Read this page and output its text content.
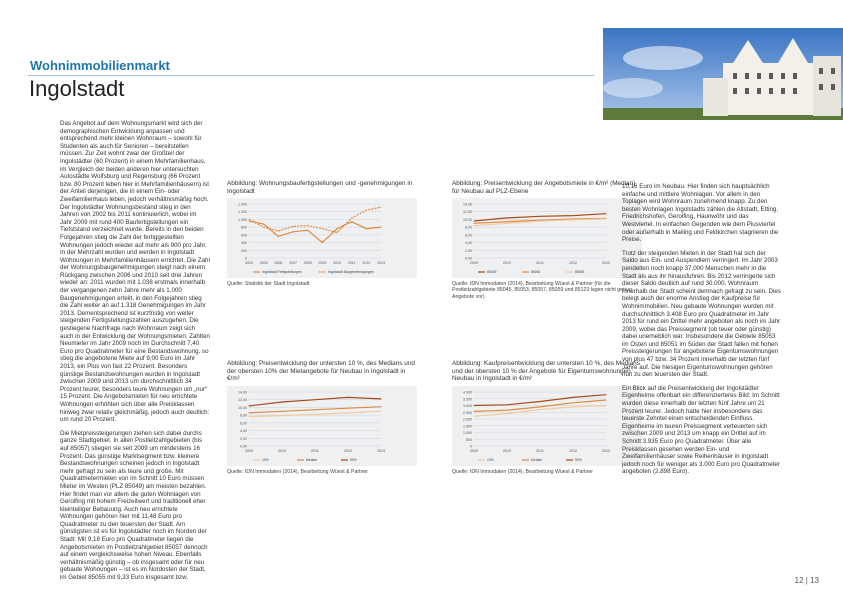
Wohnimmobilienmarkt
Ingolstadt

Das Angebot auf dem Wohnungsmarkt wird sich der demographischen Entwicklung anpassen und entsprechend mehr kleinen Wohnraum – sowohl für Studenten als auch für Senioren – bereitstellen müssen. Zur Zeit wohnt zwar der Großteil der Ingolstädter (60 Prozent) in einem Mehrfamilienhaus, im Vergleich der beiden anderen hier untersuchten Autostädte Wolfsburg und Regensburg (66 Prozent bzw. 80 Prozent leben hier in Mehrfamilienhäusern) ist der Anteil derjenigen, die in einem Ein- oder Zweifamilienhaus leben, jedoch verhältnismäßig hoch. Der Ingolstädter Wohnungsbestand stieg in den Jahren von 2002 bis 2011 kontinuierlich, wobei im Jahr 2009 mit rund 400 Baufertigstellungen ein Tiefststand verzeichnet wurde. Bereits in den beiden Folgejahren stieg die Zahl der fertiggestellten Wohnungen jedoch wieder auf mehr als 900 pro Jahr. In der Mehrzahl wurden und werden in Ingolstadt Wohnungen in Mehrfamilienhäusern errichtet. Die Zahl der Wohnungsbaugenehmigungen steigt nach einem Rückgang zwischen 2006 und 2010 seit drei Jahren wieder an: 2011 wurden mit 1.038 erstmals innerhalb der vergangenen zehn Jahre mehr als 1.000 Baugenehmigungen erteilt, in den Folgejahren stieg die Zahl weiter an auf 1.318 Genehmigungen im Jahr 2013. Dementsprechend ist kurzfristig von weiter steigenden Fertigstellungszahlen auszugehen. Die gestiegene Nachfrage nach Wohnraum zeigt sich auch in der Entwicklung der Wohnungsmieten: Zahlten Neumieter im Jahr 2009 noch im Durchschnitt 7,40 Euro pro Quadratmeter für eine Bestandswohnung, so stieg die angebotene Miete auf 9,00 Euro im Jahr 2013, ein Plus von fast 22 Prozent. Besonders günstige Bestandswohnungen wurden in Ingolstadt zwischen 2009 und 2013 um durchschnittlich 34 Prozent teurer, besonders teure Wohnungen um „nur“ 15 Prozent. Die Angebotsmieten für neu errichtete Wohnungen erhöhten sich über alle Preisklassen hinweg zwar relativ gleichmäßig, jedoch auch deutlich: um rund 20 Prozent.

Die Mietpreissteigerungen ziehen sich dabei durchs ganze Stadtgebiet. In allen Postleitzahlgebieten (bis auf 85057) stiegen sie seit 2009 um mindestens 16 Prozent. Das günstige Marktsegment bzw. kleinere Bestandswohnungen scheinen jedoch in Ingolstadt mehr gefragt zu sein als teure und große. Mit Quadratmetermieten von im Schnitt 10 Euro müssen Mieter im Westen (PLZ 85049) am meisten bezahlen. Hier findet man vor allem die guten Wohnlagen von Gerolfing mit hohem Freizeitwert und traditionell eher kleinteiliger Bebauung. Auch neu errichtete Wohnungen gehören hier mit 11,48 Euro pro Quadratmeter zu den teuersten der Stadt. Am günstigsten ist es für Ingolstädter noch im Norden der Stadt: Mit 9,18 Euro pro Quadratmeter liegen die Angebotsmieten im Postleitzahlgebiet 85057 dennoch auf einem vergleichsweise hohen Niveau. Ebenfalls verhältnismäßig günstig – ob insgesamt oder für neu gebaute Wohnungen – ist es im Nordosten der Stadt, im Gebiet 85055 mit 9,33 Euro insgesamt bzw.

Abbildung: Wohnungsbaufertigstellungen und -genehmigungen in Ingolstadt
0
200
400
600
800
1.000
1.200
1.400
2004 2005 2006 2007 2008 2009 2010 2011 2012 2013
Ingolstadt Fertigstellungen	Ingolstadt Baugenehmigungen
Quelle: Statistik der Stadt Ingolstadt
Abbildung: Preisentwicklung der Angebotsmiete in €/m² (Median) für Neubau auf PLZ-Ebene
0,00
2,00
4,00
6,00
8,00
10,00
12,00
14,00
2009	2010	2011	2012	2013
85049	85051	85055
Quelle: IDN Immodaten (2014), Bearbeitung Wüest & Partner (für die Postleitzahlgebiete 85045, 85053, 85057, 85059 und 85123 lagen nicht genug Angebote vor)
Abbildung: Preisentwicklung der untersten 10 %, des Medians und der obersten 10% der Mietangebote für Neubau in Ingolstadt in €/m²
0,00
2,00
4,00
6,00
8,00
10,00
12,00
14,00
2009	2010	2011	2012	2013
10%	Median	90%
Quelle: IDN Immodaten (2014), Bearbeitung Wüest & Partner
Abbildung: Kaufpreisentwicklung der untersten 10 %, des Medians und der obersten 10 % der Angebote für Eigentumswohnungen Neubau in Ingolstadt in €/m²
0
500
1.000
1.500
2.000
2.500
3.000
3.500
4.000
2009	2010	2011	2012	2013
10%	Median	90%
Quelle: IDN Immodaten (2014), Bearbeitung Wüest & Partner

10,16 Euro im Neubau. Hier finden sich hauptsächlich einfache und mittlere Wohnlagen. Vor allem in den Toplagen wird Wohnraum zunehmend knapp. Zu den besten Wohnlagen Ingolstadts zählen die Altstadt, Etting, Friedrichshofen, Gerolfing, Haunwöhr und das Westviertel. In einfachen Gegenden wie dem Piusviertel oder außerhalb in Mailing und Feldkirchen stagnieren die Preise.

Trotz der steigenden Mieten in der Stadt hat sich der Saldo aus Ein- und Auspendlern verringert. Im Jahr 2003 pendelten noch knapp 37.000 Menschen mehr in die Stadt als aus ihr hinausfuhren. Bis 2012 verringerte sich dieser Saldo deutlich auf rund 30.000. Wohnraum innerhalb der Stadt scheint demnach gefragt zu sein. Dies belegt auch der enorme Anstieg der Kaufpreise für Wohnimmobilien. Neu gebaute Wohnungen wurden mit durchschnittlich 3.408 Euro pro Quadratmeter im Jahr 2013 für rund ein Drittel mehr angeboten als noch im Jahr 2009, wobei das Preissegment (ob teuer oder günstig) dabei unerheblich war. Insbesondere die Gebiete 85053 im Osten und 85051 im Süden der Stadt fallen mit hohen Preissteigerungen für angebotene Eigentumswohnungen von plus 47 bzw. 34 Prozent innerhalb der letzten fünf Jahre auf. Die hiesigen Eigentumswohnungen gehören nun zu den teuersten der Stadt.

Ein Blick auf die Preisentwicklung der Ingolstädter Eigenheime offenbart ein differenzierteres Bild: Im Schnitt wurden diese innerhalb der letzten fünf Jahre um 21 Prozent teurer. Jedoch hatte hier insbesondere das teuerste Zehntel einen entscheidenden Einfluss. Eigenheime im teuren Preissegment verteuerten sich zwischen 2009 und 2013 um knapp ein Drittel auf im Schnitt 3.935 Euro pro Quadratmeter. Über alle Preisklassen gesehen werden Ein- und Zweifamilienhäuser sowie Reihenhäuser in Ingolstadt jedoch noch für weniger als 3.000 Euro pro Quadratmeter angeboten (2.898 Euro).

12 | 13
